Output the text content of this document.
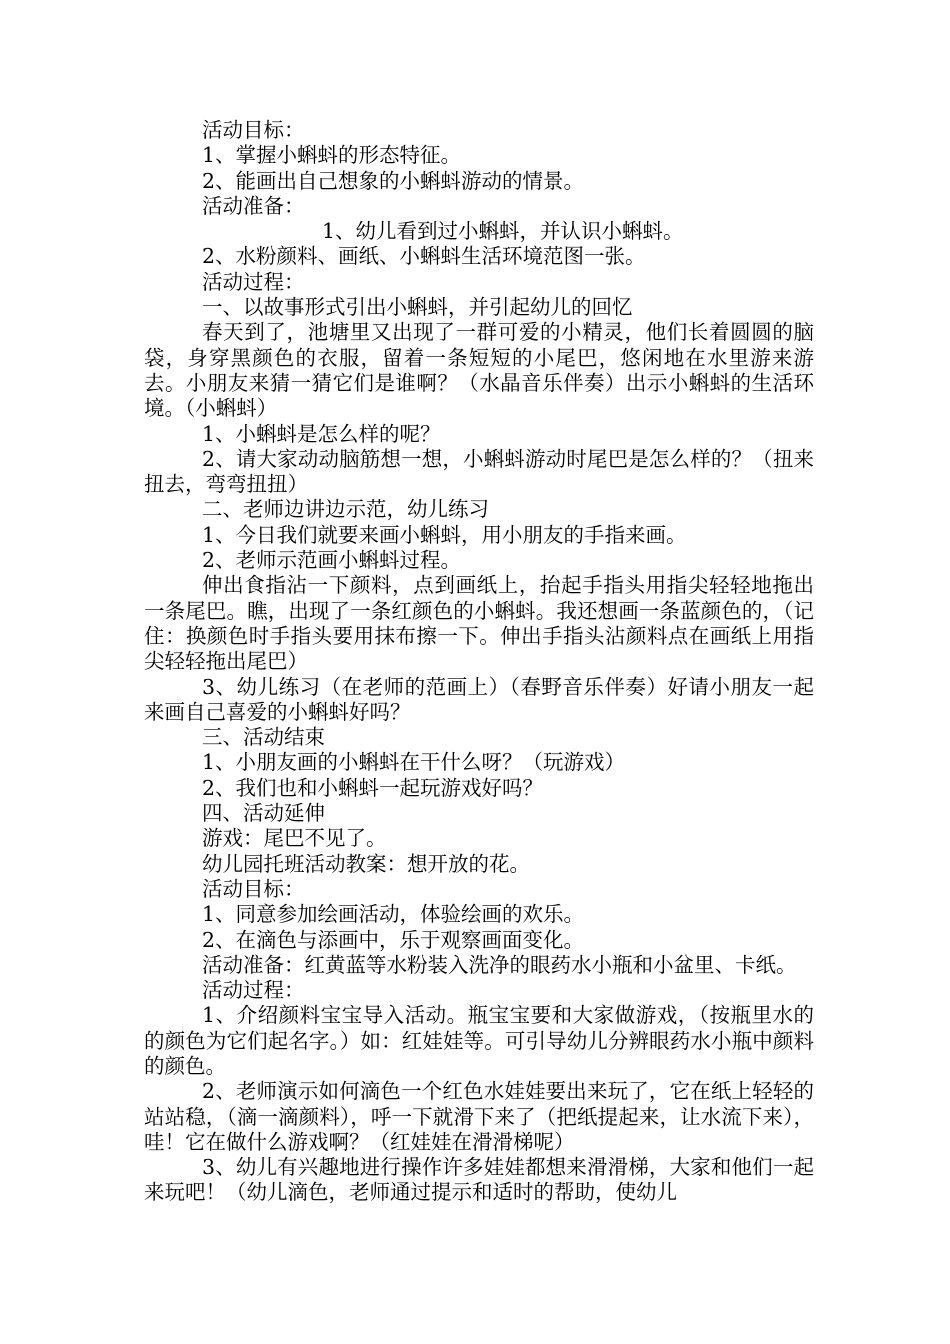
活动目标：

1、掌握小蝌蚪的形态特征。

2、能画出自己想象的小蝌蚪游动的情景。

活动准备：

1、幼儿看到过小蝌蚪，并认识小蝌蚪。

2、水粉颜料、画纸、小蝌蚪生活环境范图一张。

活动过程：

一、以故事形式引出小蝌蚪，并引起幼儿的回忆

春天到了，池塘里又出现了一群可爱的小精灵，他们长着圆圆的脑袋，身穿黑颜色的衣服，留着一条短短的小尾巴，悠闲地在水里游来游去。小朋友来猜一猜它们是谁啊？（水晶音乐伴奏）出示小蝌蚪的生活环境。（小蝌蚪）

1、小蝌蚪是怎么样的呢？

2、请大家动动脑筋想一想，小蝌蚪游动时尾巴是怎么样的？（扭来扭去，弯弯扭扭）

二、老师边讲边示范，幼儿练习

1、今日我们就要来画小蝌蚪，用小朋友的手指来画。

2、老师示范画小蝌蚪过程。

伸出食指沾一下颜料，点到画纸上，抬起手指头用指尖轻轻地拖出一条尾巴。瞧，出现了一条红颜色的小蝌蚪。我还想画一条蓝颜色的，（记住：换颜色时手指头要用抹布擦一下。伸出手指头沾颜料点在画纸上用指尖轻轻拖出尾巴）

3、幼儿练习（在老师的范画上）（春野音乐伴奏）好请小朋友一起来画自己喜爱的小蝌蚪好吗？

三、活动结束

1、小朋友画的小蝌蚪在干什么呀？（玩游戏）

2、我们也和小蝌蚪一起玩游戏好吗？

四、活动延伸

游戏：尾巴不见了。

幼儿园托班活动教案：想开放的花。

活动目标：

1、同意参加绘画活动，体验绘画的欢乐。

2、在滴色与添画中，乐于观察画面变化。

活动准备：红黄蓝等水粉装入洗净的眼药水小瓶和小盆里、卡纸。

活动过程：

1、介绍颜料宝宝导入活动。瓶宝宝要和大家做游戏，（按瓶里水的的颜色为它们起名字。）如：红娃娃等。可引导幼儿分辨眼药水小瓶中颜料的颜色。

2、老师演示如何滴色一个红色水娃娃要出来玩了，它在纸上轻轻的站站稳，（滴一滴颜料），呼一下就滑下来了（把纸提起来，让水流下来），哇！它在做什么游戏啊？（红娃娃在滑滑梯呢）

3、幼儿有兴趣地进行操作许多娃娃都想来滑滑梯，大家和他们一起来玩吧！（幼儿滴色，老师通过提示和适时的帮助，使幼儿
